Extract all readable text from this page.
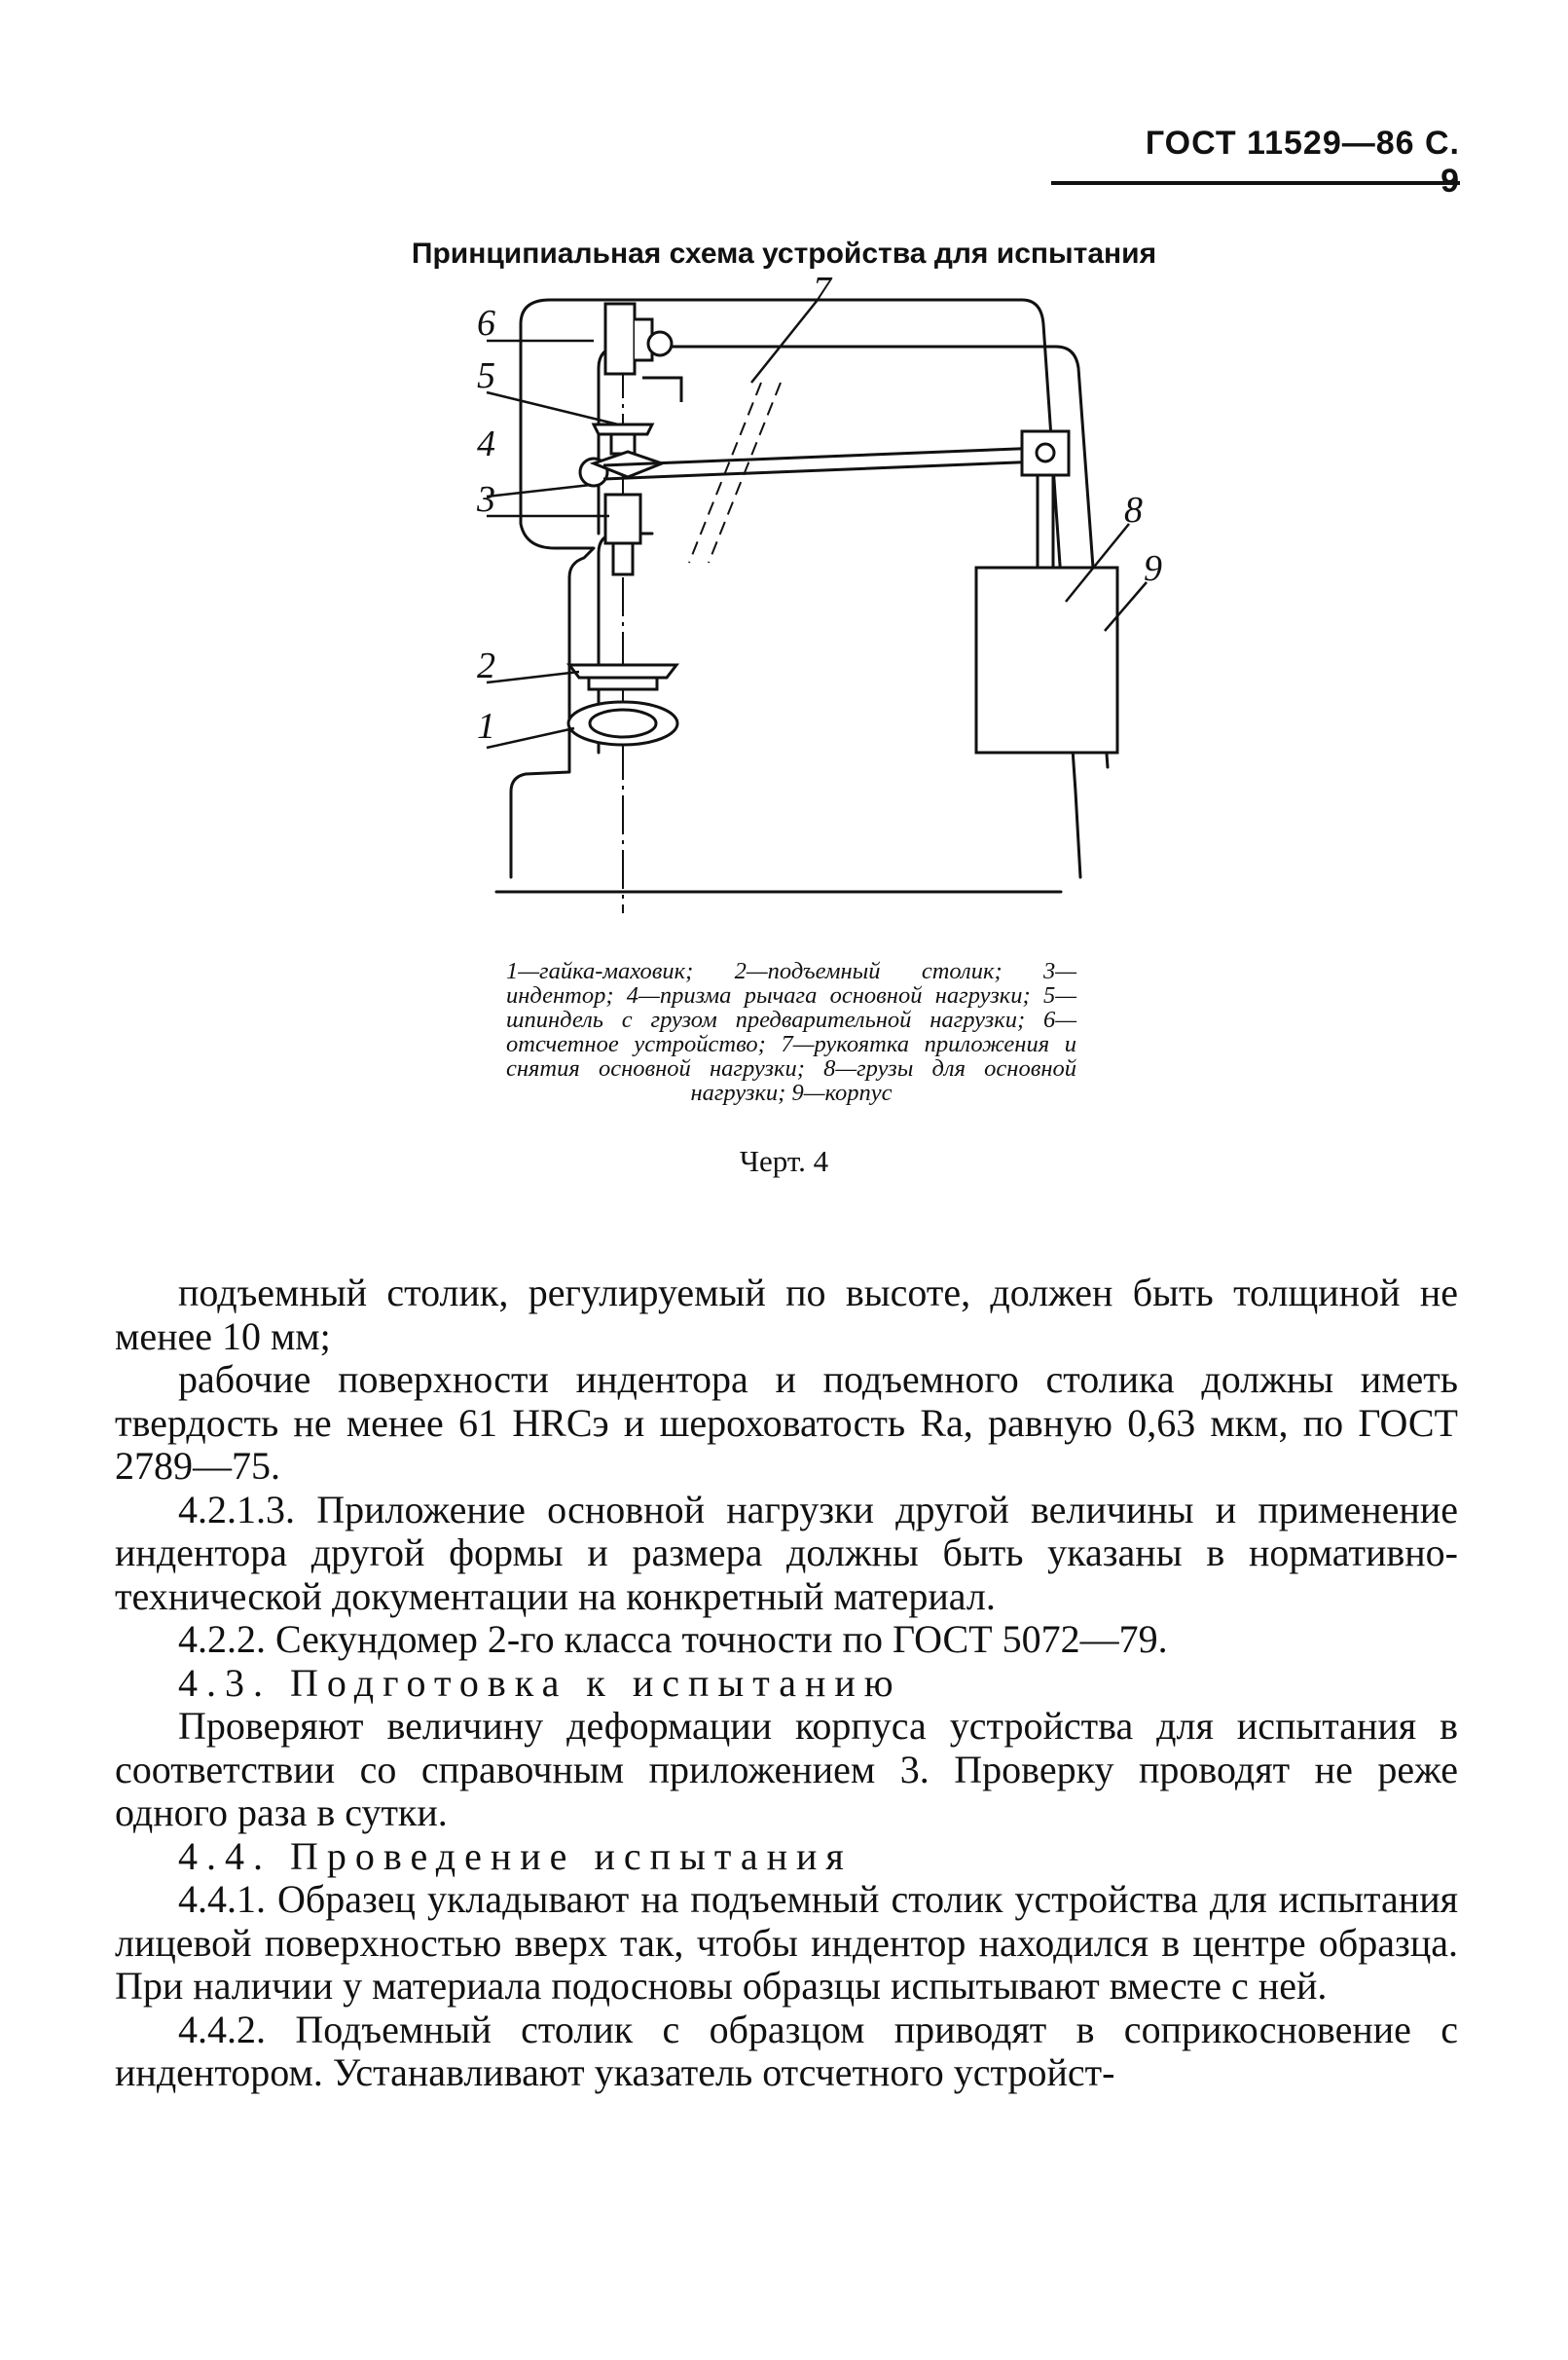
ГОСТ 11529—86 С.
Принципиальная схема устройства для испытания
6
5
4
3
2
1
7
8
9
1—гайка-маховик; 2—подъемный столик; 3—индентор; 4—призма рычага основной нагрузки; 5—шпиндель с грузом предварительной нагрузки; 6—отсчетное устройство; 7—рукоятка приложения и снятия основной нагрузки; 8—грузы для основной нагрузки; 9—корпус
Черт. 4

подъемный столик, регулируемый по высоте, должен быть толщиной не менее 10 мм;

рабочие поверхности индентора и подъемного столика должны иметь твердость не менее 61 HRCэ и шероховатость Ra, равную 0,63 мкм, по ГОСТ 2789—75.

4.2.1.3. Приложение основной нагрузки другой величины и применение индентора другой формы и размера должны быть указаны в нормативно-технической документации на конкретный материал.

4.2.2. Секундомер 2-го класса точности по ГОСТ 5072—79.

4.3. Подготовка к испытанию

Проверяют величину деформации корпуса устройства для испытания в соответствии со справочным приложением 3. Проверку проводят не реже одного раза в сутки.

4.4. Проведение испытания

4.4.1. Образец укладывают на подъемный столик устройства для испытания лицевой поверхностью вверх так, чтобы индентор находился в центре образца. При наличии у материала подосновы образцы испытывают вместе с ней.

4.4.2. Подъемный столик с образцом приводят в соприкосновение с индентором. Устанавливают указатель отсчетного устройст-
